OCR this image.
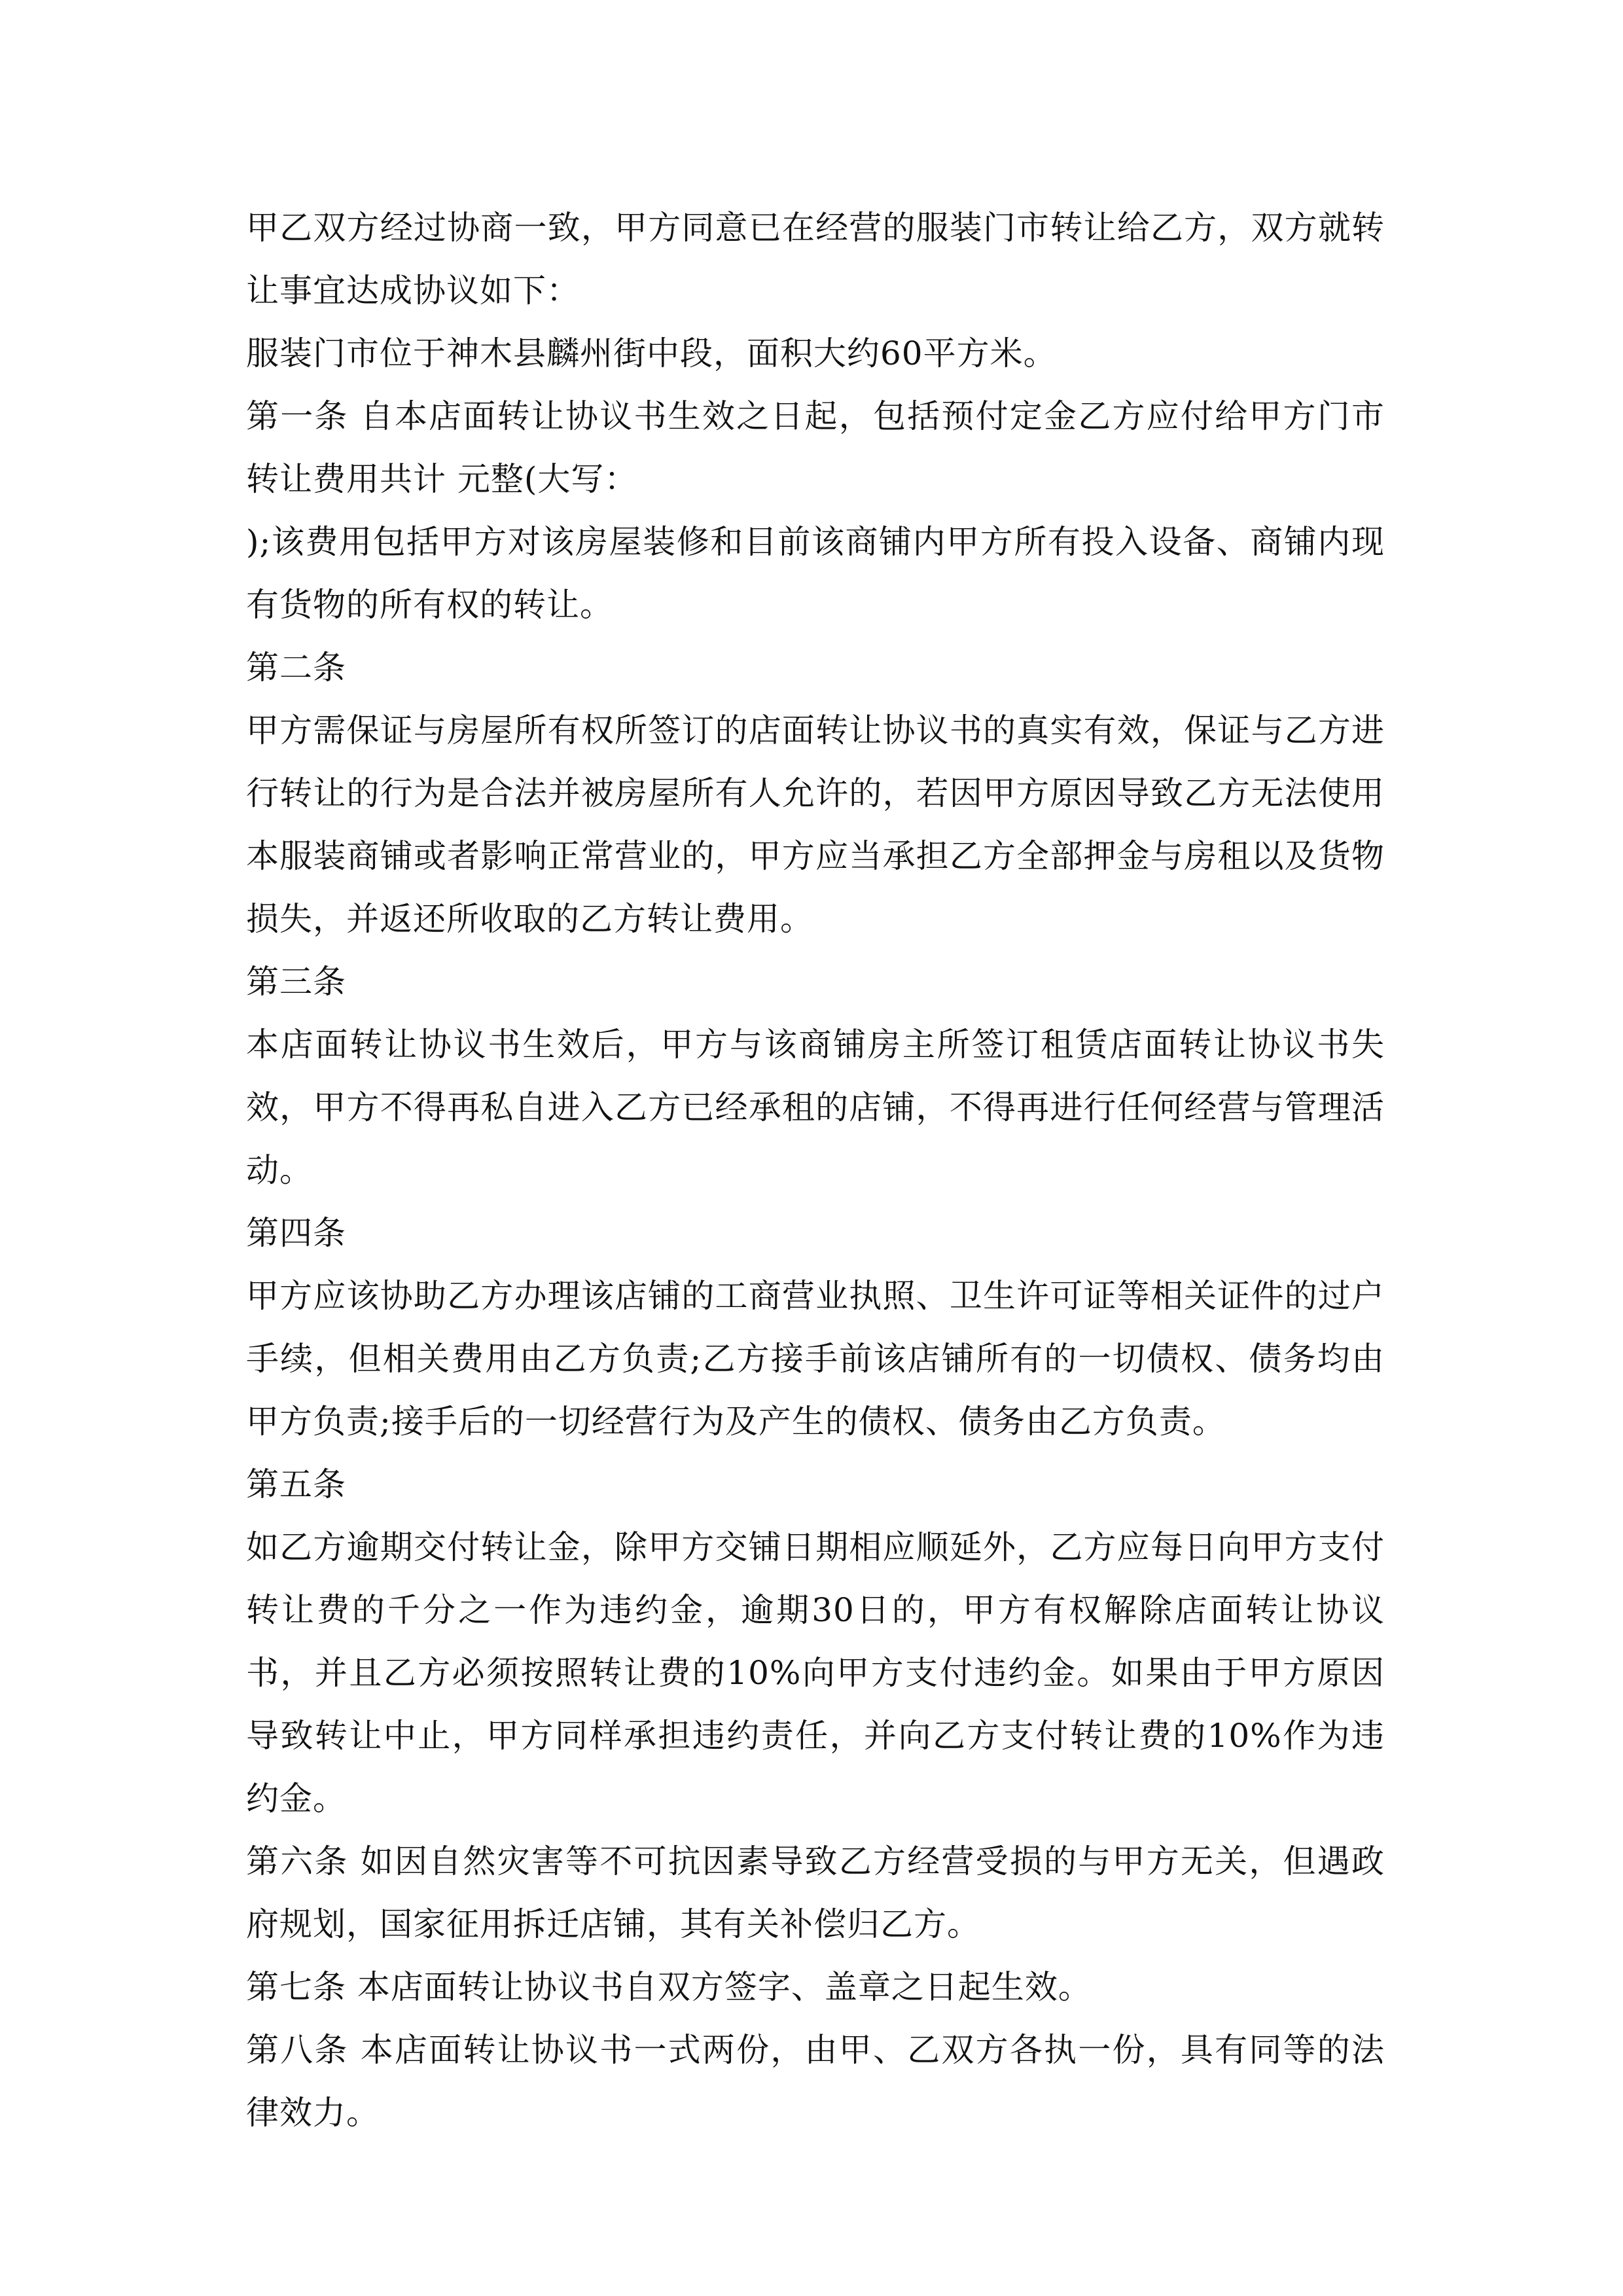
甲乙双方经过协商一致，甲方同意已在经营的服装门市转让给乙方，双方就转让事宜达成协议如下：

服装门市位于神木县麟州街中段，面积大约60平方米。

第一条 自本店面转让协议书生效之日起，包括预付定金乙方应付给甲方门市转让费用共计 元整(大写：

);该费用包括甲方对该房屋装修和目前该商铺内甲方所有投入设备、商铺内现有货物的所有权的转让。

第二条

甲方需保证与房屋所有权所签订的店面转让协议书的真实有效，保证与乙方进行转让的行为是合法并被房屋所有人允许的，若因甲方原因导致乙方无法使用本服装商铺或者影响正常营业的，甲方应当承担乙方全部押金与房租以及货物损失，并返还所收取的乙方转让费用。

第三条

本店面转让协议书生效后，甲方与该商铺房主所签订租赁店面转让协议书失效，甲方不得再私自进入乙方已经承租的店铺，不得再进行任何经营与管理活动。

第四条

甲方应该协助乙方办理该店铺的工商营业执照、卫生许可证等相关证件的过户手续，但相关费用由乙方负责;乙方接手前该店铺所有的一切债权、债务均由甲方负责;接手后的一切经营行为及产生的债权、债务由乙方负责。

第五条

如乙方逾期交付转让金，除甲方交铺日期相应顺延外，乙方应每日向甲方支付转让费的千分之一作为违约金，逾期30日的，甲方有权解除店面转让协议书，并且乙方必须按照转让费的10%向甲方支付违约金。如果由于甲方原因导致转让中止，甲方同样承担违约责任，并向乙方支付转让费的10%作为违约金。

第六条 如因自然灾害等不可抗因素导致乙方经营受损的与甲方无关，但遇政府规划，国家征用拆迁店铺，其有关补偿归乙方。

第七条 本店面转让协议书自双方签字、盖章之日起生效。

第八条 本店面转让协议书一式两份，由甲、乙双方各执一份，具有同等的法律效力。
